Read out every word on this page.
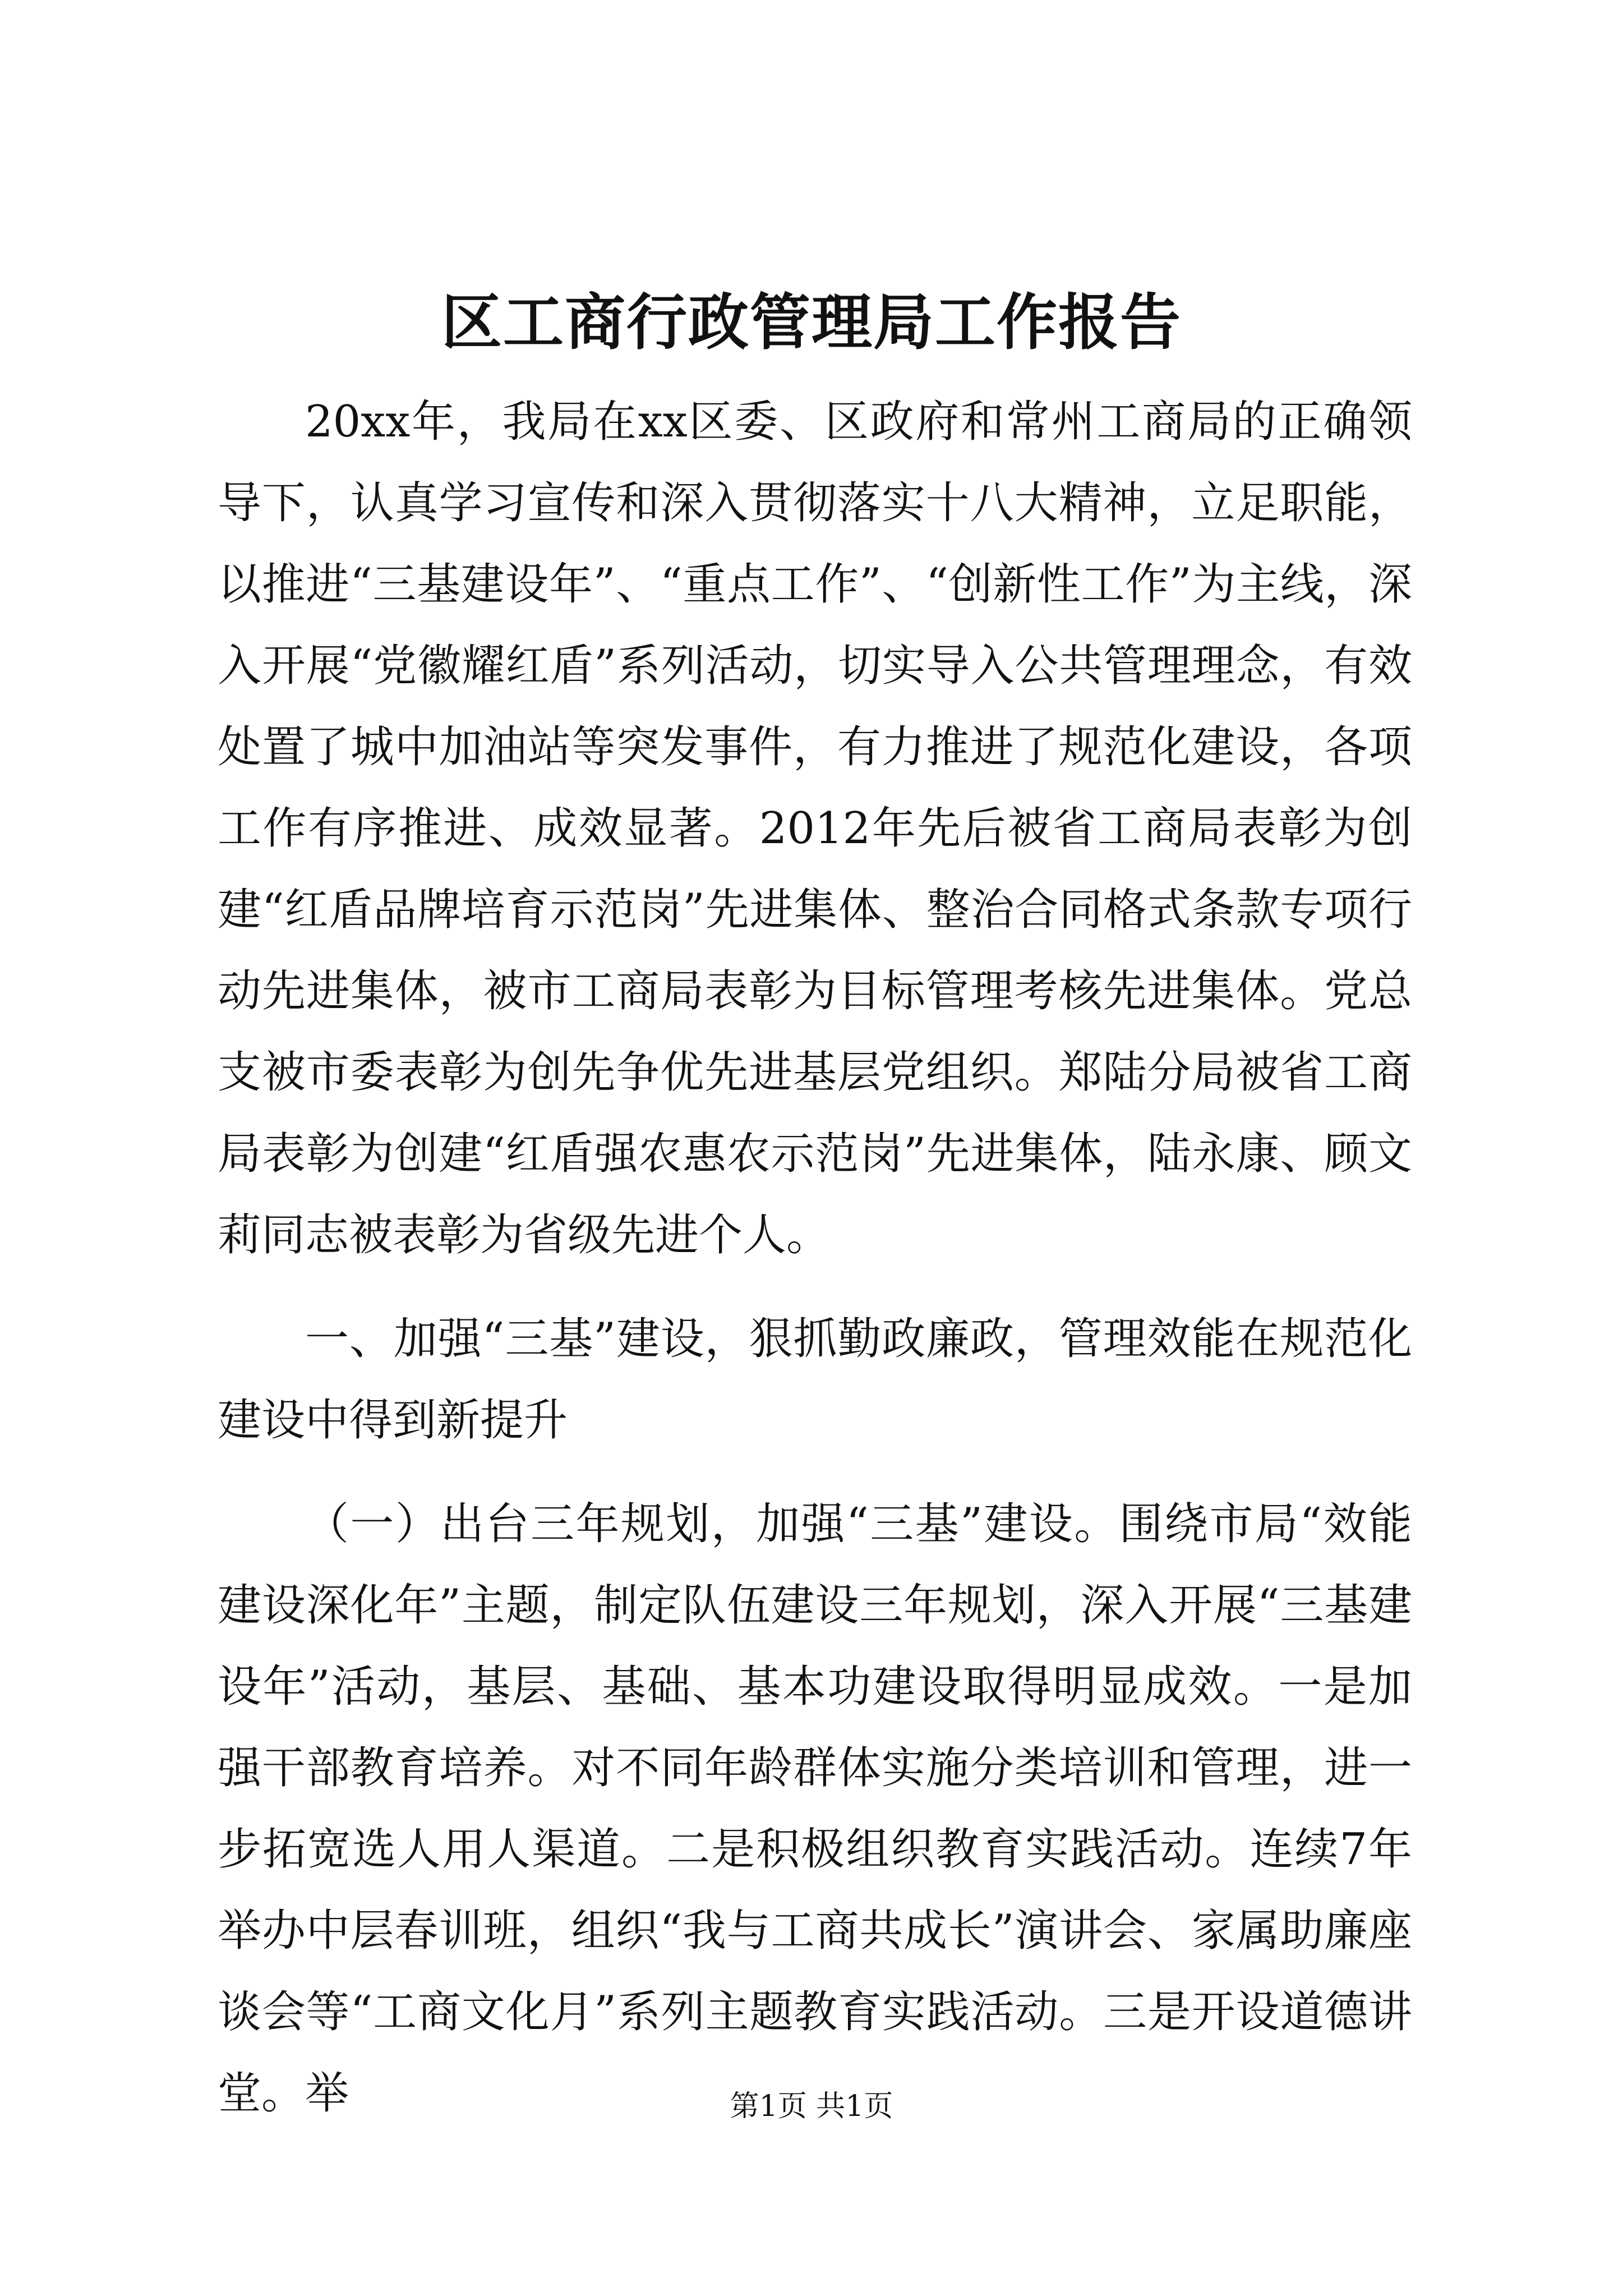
区工商行政管理局工作报告

20xx年，我局在xx区委、区政府和常州工商局的正确领导下，认真学习宣传和深入贯彻落实十八大精神，立足职能，以推进“三基建设年”、“重点工作”、“创新性工作”为主线，深入开展“党徽耀红盾”系列活动，切实导入公共管理理念，有效处置了城中加油站等突发事件，有力推进了规范化建设，各项工作有序推进、成效显著。2012年先后被省工商局表彰为创建“红盾品牌培育示范岗”先进集体、整治合同格式条款专项行动先进集体，被市工商局表彰为目标管理考核先进集体。党总支被市委表彰为创先争优先进基层党组织。郑陆分局被省工商局表彰为创建“红盾强农惠农示范岗”先进集体，陆永康、顾文莉同志被表彰为省级先进个人。

一、加强“三基”建设，狠抓勤政廉政，管理效能在规范化建设中得到新提升

（一）出台三年规划，加强“三基”建设。围绕市局“效能建设深化年”主题，制定队伍建设三年规划，深入开展“三基建设年”活动，基层、基础、基本功建设取得明显成效。一是加强干部教育培养。对不同年龄群体实施分类培训和管理，进一步拓宽选人用人渠道。二是积极组织教育实践活动。连续7年举办中层春训班，组织“我与工商共成长”演讲会、家属助廉座谈会等“工商文化月”系列主题教育实践活动。三是开设道德讲堂。举	第1页 共1页
